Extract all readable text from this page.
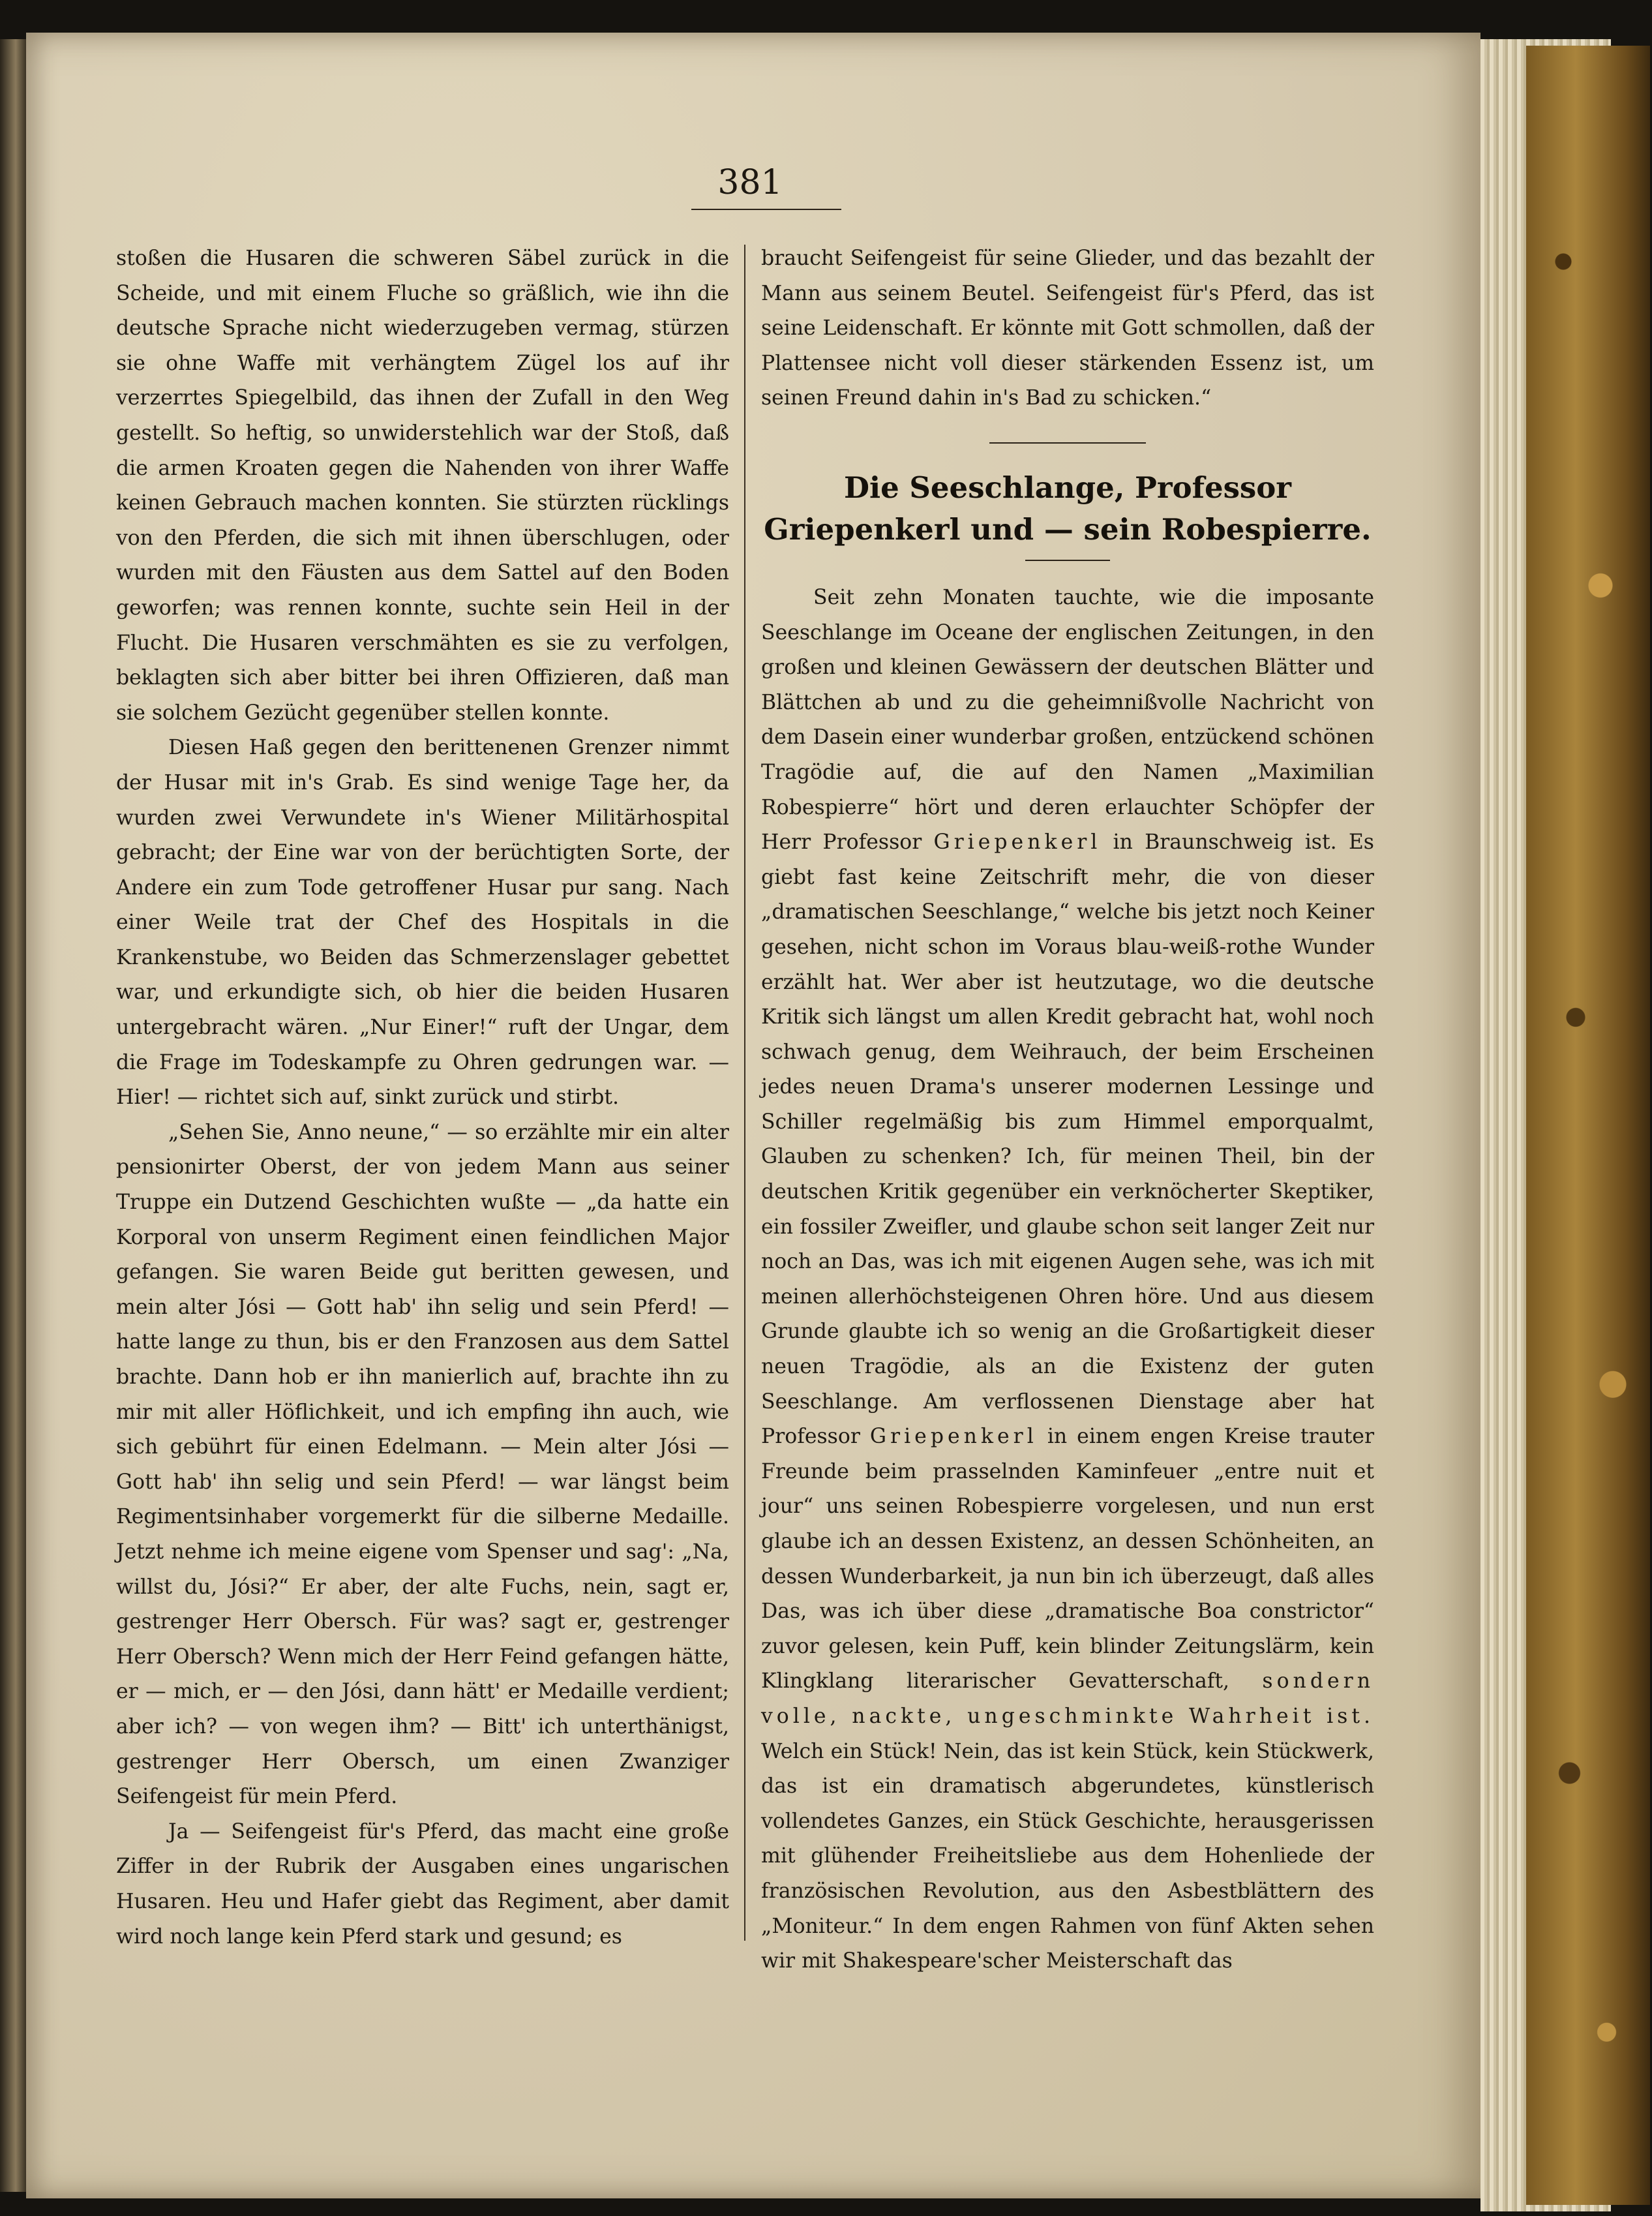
381

stoßen die Husaren die schweren Säbel zurück in die Scheide, und mit einem Fluche so gräßlich, wie ihn die deutsche Sprache nicht wiederzugeben vermag, stürzen sie ohne Waffe mit verhängtem Zügel los auf ihr verzerrtes Spiegelbild, das ihnen der Zufall in den Weg gestellt. So heftig, so unwiderstehlich war der Stoß, daß die armen Kroaten gegen die Nahenden von ihrer Waffe keinen Gebrauch machen konnten. Sie stürzten rücklings von den Pferden, die sich mit ihnen überschlugen, oder wurden mit den Fäusten aus dem Sattel auf den Boden geworfen; was rennen konnte, suchte sein Heil in der Flucht. Die Husaren verschmähten es sie zu verfolgen, beklagten sich aber bitter bei ihren Offizieren, daß man sie solchem Gezücht gegenüber stellen konnte.

Diesen Haß gegen den berittenenen Grenzer nimmt der Husar mit in's Grab. Es sind wenige Tage her, da wurden zwei Verwundete in's Wiener Militärhospital gebracht; der Eine war von der berüchtigten Sorte, der Andere ein zum Tode getroffener Husar pur sang. Nach einer Weile trat der Chef des Hospitals in die Krankenstube, wo Beiden das Schmerzenslager gebettet war, und erkundigte sich, ob hier die beiden Husaren untergebracht wären. „Nur Einer!“ ruft der Ungar, dem die Frage im Todeskampfe zu Ohren gedrungen war. — Hier! — richtet sich auf, sinkt zurück und stirbt.

„Sehen Sie, Anno neune,“ — so erzählte mir ein alter pensionirter Oberst, der von jedem Mann aus seiner Truppe ein Dutzend Geschichten wußte — „da hatte ein Korporal von unserm Regiment einen feindlichen Major gefangen. Sie waren Beide gut beritten gewesen, und mein alter Jósi — Gott hab' ihn selig und sein Pferd! — hatte lange zu thun, bis er den Franzosen aus dem Sattel brachte. Dann hob er ihn manierlich auf, brachte ihn zu mir mit aller Höflichkeit, und ich empfing ihn auch, wie sich gebührt für einen Edelmann. — Mein alter Jósi — Gott hab' ihn selig und sein Pferd! — war längst beim Regimentsinhaber vorgemerkt für die silberne Medaille. Jetzt nehme ich meine eigene vom Spenser und sag': „Na, willst du, Jósi?“ Er aber, der alte Fuchs, nein, sagt er, gestrenger Herr Obersch. Für was? sagt er, gestrenger Herr Obersch? Wenn mich der Herr Feind gefangen hätte, er — mich, er — den Jósi, dann hätt' er Medaille verdient; aber ich? — von wegen ihm? — Bitt' ich unterthänigst, gestrenger Herr Obersch, um einen Zwanziger Seifengeist für mein Pferd.

Ja — Seifengeist für's Pferd, das macht eine große Ziffer in der Rubrik der Ausgaben eines ungarischen Husaren. Heu und Hafer giebt das Regiment, aber damit wird noch lange kein Pferd stark und gesund; es

braucht Seifengeist für seine Glieder, und das bezahlt der Mann aus seinem Beutel. Seifengeist für's Pferd, das ist seine Leidenschaft. Er könnte mit Gott schmollen, daß der Plattensee nicht voll dieser stärkenden Essenz ist, um seinen Freund dahin in's Bad zu schicken.“

Die Seeschlange, Professor Griepenkerl und — sein Robespierre.

Seit zehn Monaten tauchte, wie die imposante Seeschlange im Oceane der englischen Zeitungen, in den großen und kleinen Gewässern der deutschen Blätter und Blättchen ab und zu die geheimnißvolle Nachricht von dem Dasein einer wunderbar großen, entzückend schönen Tragödie auf, die auf den Namen „Maximilian Robespierre“ hört und deren erlauchter Schöpfer der Herr Professor Griepenkerl in Braunschweig ist. Es giebt fast keine Zeitschrift mehr, die von dieser „dramatischen Seeschlange,“ welche bis jetzt noch Keiner gesehen, nicht schon im Voraus blau-weiß-rothe Wunder erzählt hat. Wer aber ist heutzutage, wo die deutsche Kritik sich längst um allen Kredit gebracht hat, wohl noch schwach genug, dem Weihrauch, der beim Erscheinen jedes neuen Drama's unserer modernen Lessinge und Schiller regelmäßig bis zum Himmel emporqualmt, Glauben zu schenken? Ich, für meinen Theil, bin der deutschen Kritik gegenüber ein verknöcherter Skeptiker, ein fossiler Zweifler, und glaube schon seit langer Zeit nur noch an Das, was ich mit eigenen Augen sehe, was ich mit meinen allerhöchsteigenen Ohren höre. Und aus diesem Grunde glaubte ich so wenig an die Großartigkeit dieser neuen Tragödie, als an die Existenz der guten Seeschlange. Am verflossenen Dienstage aber hat Professor Griepenkerl in einem engen Kreise trauter Freunde beim prasselnden Kaminfeuer „entre nuit et jour“ uns seinen Robespierre vorgelesen, und nun erst glaube ich an dessen Existenz, an dessen Schönheiten, an dessen Wunderbarkeit, ja nun bin ich überzeugt, daß alles Das, was ich über diese „dramatische Boa constrictor“ zuvor gelesen, kein Puff, kein blinder Zeitungslärm, kein Klingklang literarischer Gevatterschaft, sondern volle, nackte, ungeschminkte Wahrheit ist. Welch ein Stück! Nein, das ist kein Stück, kein Stückwerk, das ist ein dramatisch abgerundetes, künstlerisch vollendetes Ganzes, ein Stück Geschichte, herausgerissen mit glühender Freiheitsliebe aus dem Hohenliede der französischen Revolution, aus den Asbestblättern des „Moniteur.“ In dem engen Rahmen von fünf Akten sehen wir mit Shakespeare'scher Meisterschaft das
